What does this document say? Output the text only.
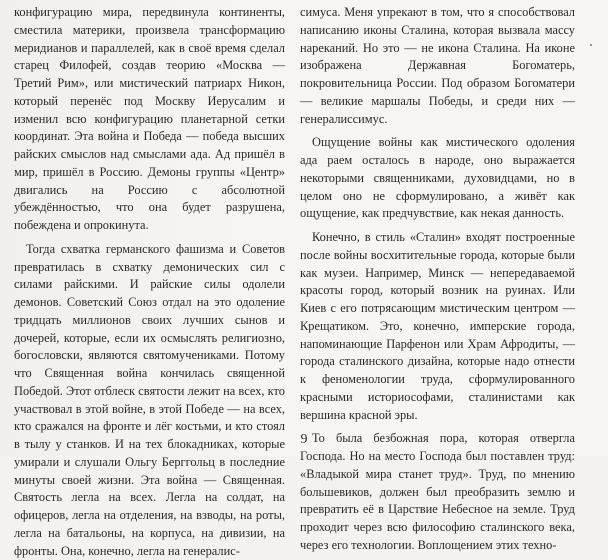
конфигурацию мира, передвинула континенты, сместила материки, произвела трансформацию меридианов и параллелей, как в своё время сделал старец Филофей, создав теорию «Москва — Третий Рим», или мистический патриарх Никон, который перенёс под Москву Иерусалим и изменил всю конфигурацию планетарной сетки координат. Эта война и Победа — победа высших райских смыслов над смыслами ада. Ад пришёл в мир, пришёл в Россию. Демоны группы «Центр» двигались на Россию с абсолютной убеждённостью, что она будет разрушена, побеждена и опрокинута.

Тогда схватка германского фашизма и Советов превратилась в схватку демонических сил с силами райскими. И райские силы одолели демонов. Советский Союз отдал на это одоление тридцать миллионов своих лучших сынов и дочерей, которые, если их осмыслять религиозно, богословски, являются святомучениками. Потому что Священная война кончилась священной Победой. Этот отблеск святости лежит на всех, кто участвовал в этой войне, в этой Победе — на всех, кто сражался на фронте и лёг костьми, и кто стоял в тылу у станков. И на тех блокадниках, которые умирали и слушали Ольгу Берггольц в последние минуты своей жизни. Эта война — Священная. Святость легла на всех. Легла на солдат, на офицеров, легла на отделения, на взводы, на роты, легла на батальоны, на корпуса, на дивизии, на фронты. Она, конечно, легла на генералис-

симуса. Меня упрекают в том, что я способствовал написанию иконы Сталина, которая вызвала массу нареканий. Но это — не икона Сталина. На иконе изображена Державная Богоматерь, покровительница России. Под образом Богоматери — великие маршалы Победы, и среди них — генералиссимус.

Ощущение войны как мистического одоления ада раем осталось в народе, оно выражается некоторыми священниками, духовидцами, но в целом оно не сформулировано, а живёт как ощущение, как предчувствие, как некая данность.

Конечно, в стиль «Сталин» входят построенные после войны восхитительные города, которые были как музеи. Например, Минск — непередаваемой красоты город, который возник на руинах. Или Киев с его потрясающим мистическим центром — Крещатиком. Это, конечно, имперские города, напоминающие Парфенон или Храм Афродиты, — города сталинского дизайна, которые надо отнести к феноменологии труда, сформулированного красными историософами, сталинистами как вершина красной эры.

То была безбожная пора, которая отвергла Господа. Но на место Господа был поставлен труд: «Владыкой мира станет труд». Труд, по мнению большевиков, должен был преобразить землю и превратить её в Царствие Небесное на земле. Труд проходит через всю философию сталинского века, через его технологии. Воплощением этих техно-

9
